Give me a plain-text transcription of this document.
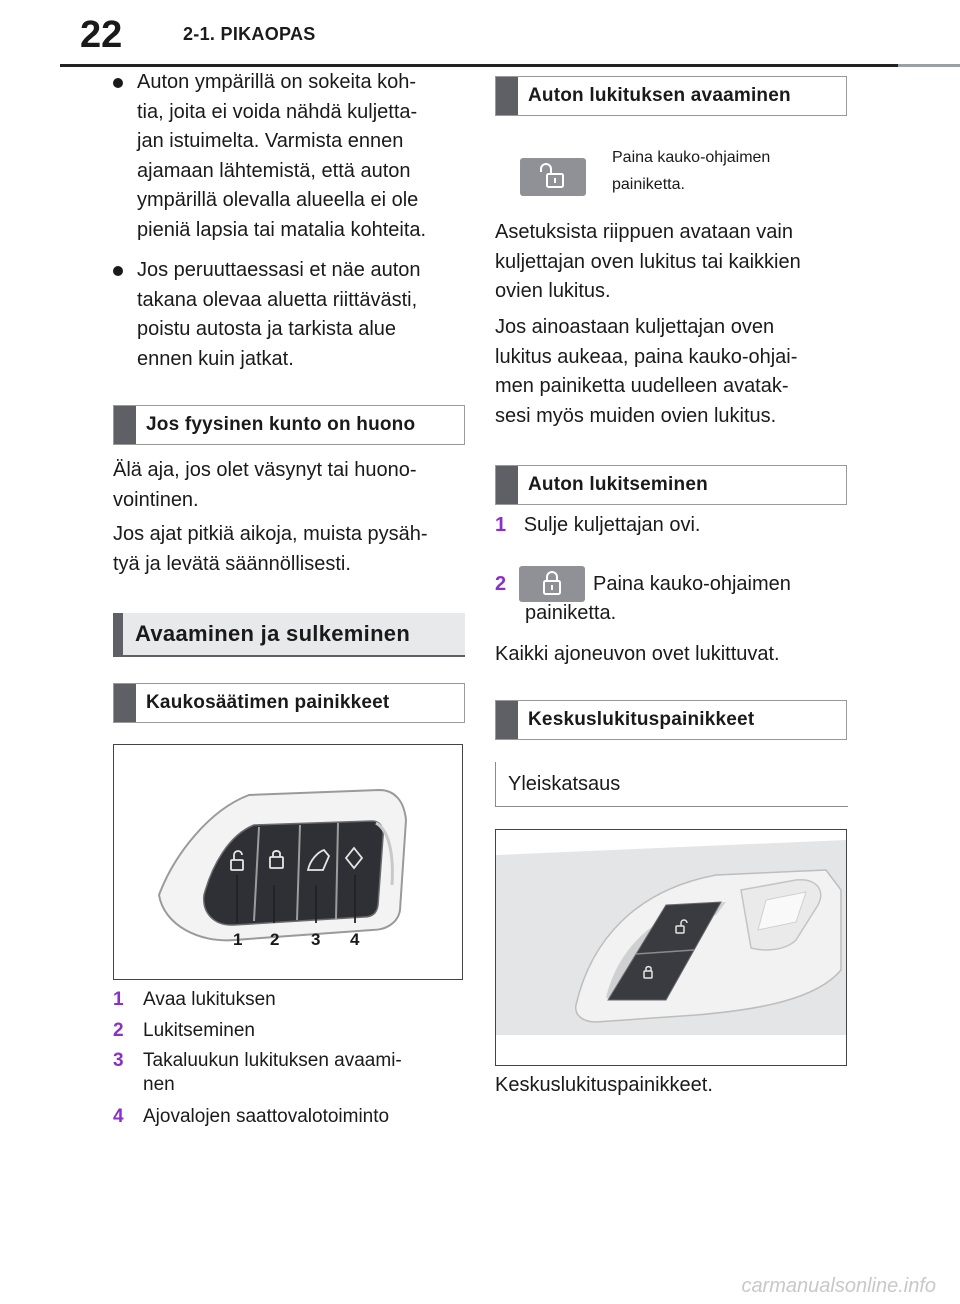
22	2-1. PIKAOPAS
Auton ympärillä on sokeita koh-
tia, joita ei voida nähdä kuljetta-
jan istuimelta. Varmista ennen
ajamaan lähtemistä, että auton
ympärillä olevalla alueella ei ole
pieniä lapsia tai matalia kohteita.
Jos peruuttaessasi et näe auton
takana olevaa aluetta riittävästi,
poistu autosta ja tarkista alue
ennen kuin jatkat.
Jos fyysinen kunto on huono
Älä aja, jos olet väsynyt tai huono-
vointinen.
Jos ajat pitkiä aikoja, muista pysäh-
tyä ja levätä säännöllisesti.
Avaaminen ja sulkeminen
Kaukosäätimen painikkeet
1 2 3 4
1	Avaa lukituksen
2	Lukitseminen
3	Takaluukun lukituksen avaami-
nen
4	Ajovalojen saattovalotoiminto
Auton lukituksen avaaminen
Paina kauko-ohjaimen
painiketta.
Asetuksista riippuen avataan vain
kuljettajan oven lukitus tai kaikkien
ovien lukitus.
Jos ainoastaan kuljettajan oven
lukitus aukeaa, paina kauko-ohjai-
men painiketta uudelleen avatak-
sesi myös muiden ovien lukitus.
Auton lukitseminen
1 Sulje kuljettajan ovi.
2	Paina kauko-ohjaimen
painiketta.
Kaikki ajoneuvon ovet lukittuvat.
Keskuslukituspainikkeet
Yleiskatsaus
Keskuslukituspainikkeet.
carmanualsonline.info
